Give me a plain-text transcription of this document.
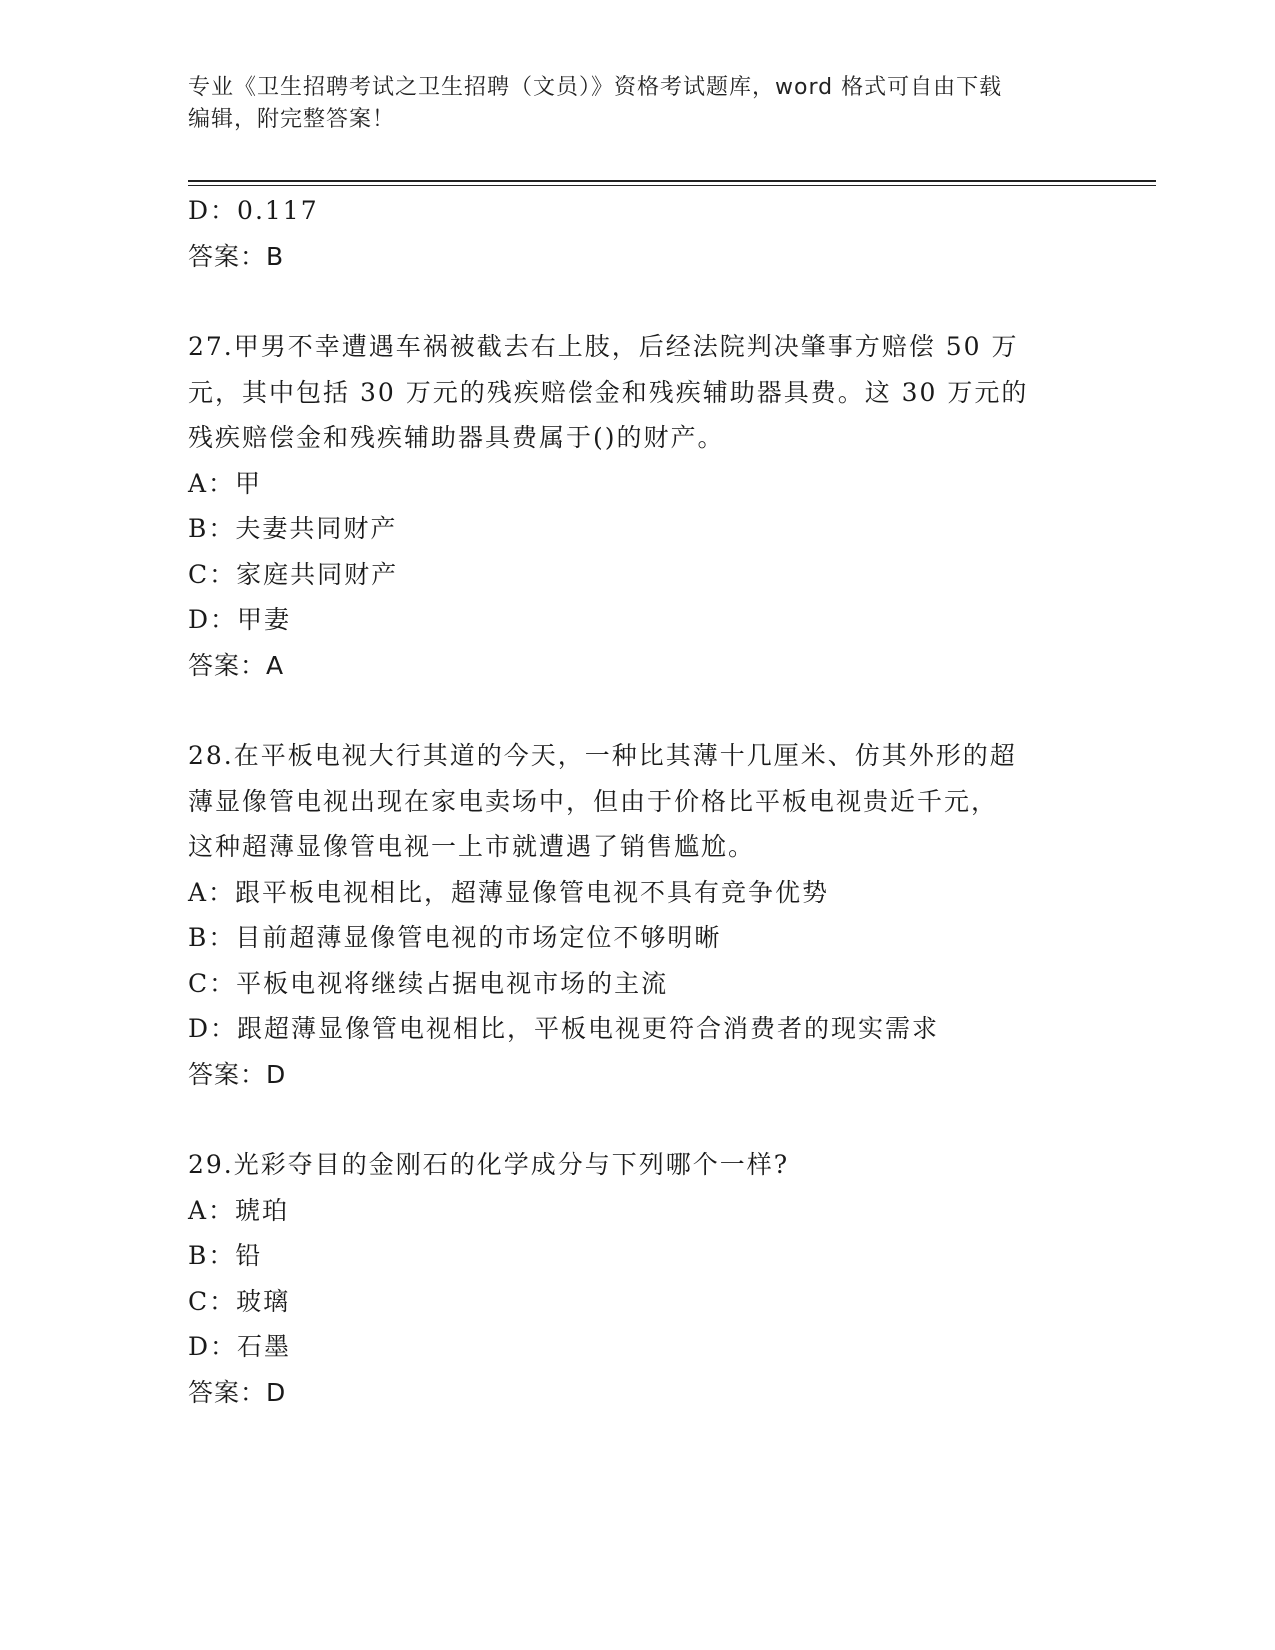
专业《卫生招聘考试之卫生招聘（文员）》资格考试题库，word 格式可自由下载
编辑，附完整答案！
D：0.117
答案：B
27.甲男不幸遭遇车祸被截去右上肢，后经法院判决肇事方赔偿 50 万
元，其中包括 30 万元的残疾赔偿金和残疾辅助器具费。这 30 万元的
残疾赔偿金和残疾辅助器具费属于()的财产。
A：甲
B：夫妻共同财产
C：家庭共同财产
D：甲妻
答案：A
28.在平板电视大行其道的今天，一种比其薄十几厘米、仿其外形的超
薄显像管电视出现在家电卖场中，但由于价格比平板电视贵近千元，
这种超薄显像管电视一上市就遭遇了销售尴尬。
A：跟平板电视相比，超薄显像管电视不具有竞争优势
B：目前超薄显像管电视的市场定位不够明晰
C：平板电视将继续占据电视市场的主流
D：跟超薄显像管电视相比，平板电视更符合消费者的现实需求
答案：D
29.光彩夺目的金刚石的化学成分与下列哪个一样?
A：琥珀
B：铅
C：玻璃
D：石墨
答案：D
